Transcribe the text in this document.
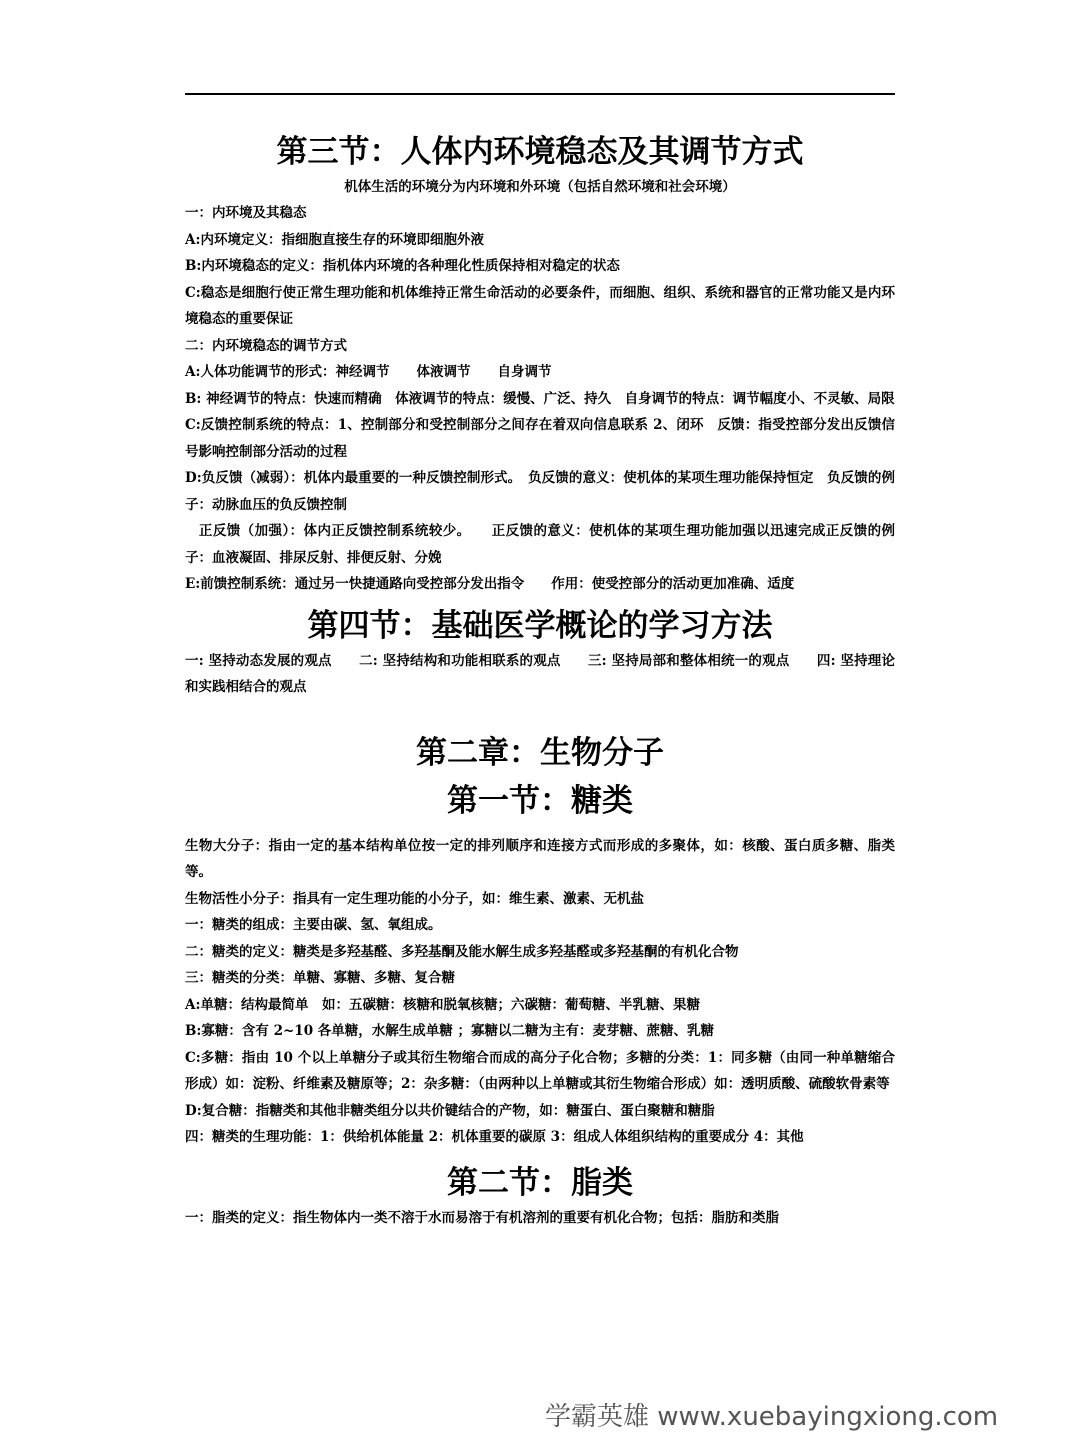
第三节：人体内环境稳态及其调节方式
机体生活的环境分为内环境和外环境（包括自然环境和社会环境）

一：内环境及其稳态

A:内环境定义：指细胞直接生存的环境即细胞外液

B:内环境稳态的定义：指机体内环境的各种理化性质保持相对稳定的状态

C:稳态是细胞行使正常生理功能和机体维持正常生命活动的必要条件，而细胞、组织、系统和器官的正常功能又是内环境稳态的重要保证

二：内环境稳态的调节方式

A:人体功能调节的形式：神经调节　　体液调节　　自身调节

B: 神经调节的特点：快速而精确　体液调节的特点：缓慢、广泛、持久　自身调节的特点：调节幅度小、不灵敏、局限

C:反馈控制系统的特点：1、控制部分和受控制部分之间存在着双向信息联系 2、闭环　反馈：指受控部分发出反馈信号影响控制部分活动的过程

D:负反馈（减弱）：机体内最重要的一种反馈控制形式。　负反馈的意义：使机体的某项生理功能保持恒定　负反馈的例子：动脉血压的负反馈控制

　正反馈（加强）：体内正反馈控制系统较少。　　正反馈的意义：使机体的某项生理功能加强以迅速完成正反馈的例子：血液凝固、排尿反射、排便反射、分娩

E:前馈控制系统：通过另一快捷通路向受控部分发出指令　　作用：使受控部分的活动更加准确、适度

第四节：基础医学概论的学习方法

一: 坚持动态发展的观点　　二: 坚持结构和功能相联系的观点　　三: 坚持局部和整体相统一的观点　　四: 坚持理论和实践相结合的观点

第二章：生物分子
第一节：糖类

生物大分子：指由一定的基本结构单位按一定的排列顺序和连接方式而形成的多聚体，如：核酸、蛋白质多糖、脂类等。

生物活性小分子：指具有一定生理功能的小分子，如：维生素、激素、无机盐

一：糖类的组成：主要由碳、氢、氧组成。

二：糖类的定义：糖类是多羟基醛、多羟基酮及能水解生成多羟基醛或多羟基酮的有机化合物

三：糖类的分类：单糖、寡糖、多糖、复合糖

A:单糖：结构最简单　如：五碳糖：核糖和脱氧核糖；六碳糖：葡萄糖、半乳糖、果糖

B:寡糖：含有 2~10 各单糖，水解生成单糖 ；寡糖以二糖为主有：麦芽糖、蔗糖、乳糖

C:多糖：指由 10 个以上单糖分子或其衍生物缩合而成的高分子化合物；多糖的分类：1：同多糖（由同一种单糖缩合形成）如：淀粉、纤维素及糖原等；2：杂多糖：（由两种以上单糖或其衍生物缩合形成）如：透明质酸、硫酸软骨素等

D:复合糖：指糖类和其他非糖类组分以共价键结合的产物，如：糖蛋白、蛋白聚糖和糖脂

四：糖类的生理功能：1：供给机体能量 2：机体重要的碳原 3：组成人体组织结构的重要成分 4：其他

第二节：脂类

一：脂类的定义：指生物体内一类不溶于水而易溶于有机溶剂的重要有机化合物；包括：脂肪和类脂

学霸英雄 www.xuebayingxiong.com
